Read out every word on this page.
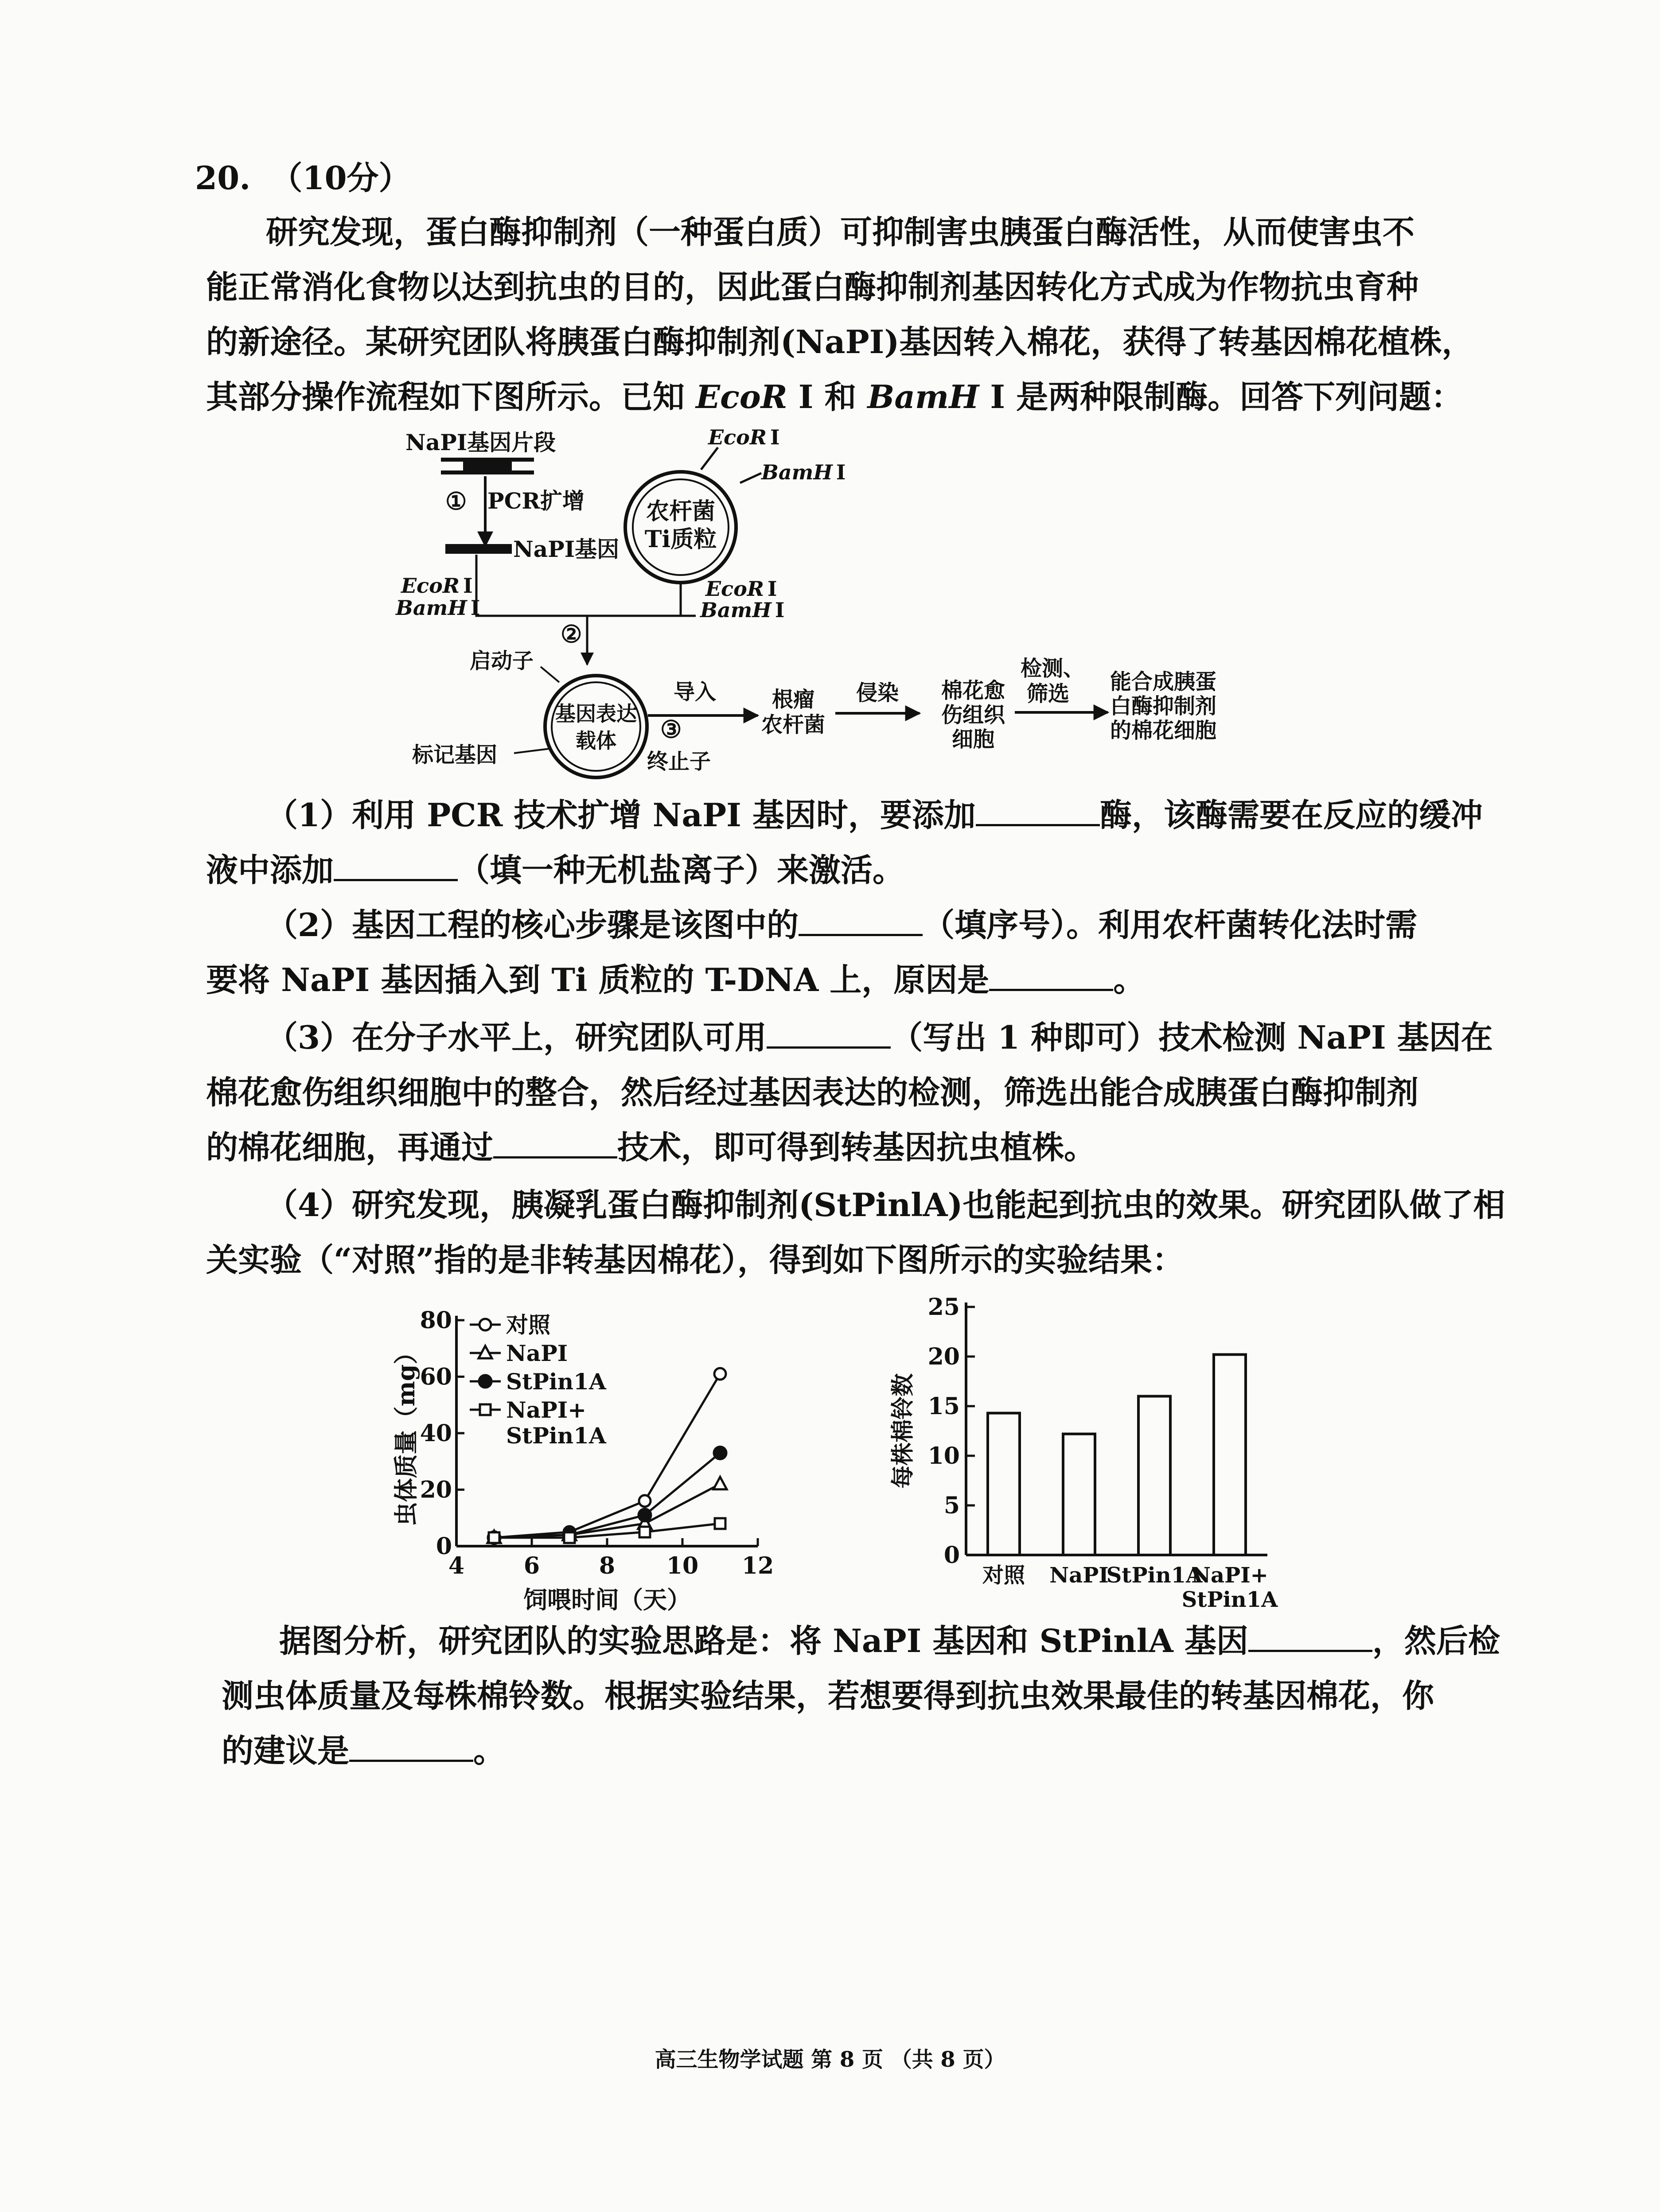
20. （10分）
研究发现，蛋白酶抑制剂（一种蛋白质）可抑制害虫胰蛋白酶活性，从而使害虫不
能正常消化食物以达到抗虫的目的，因此蛋白酶抑制剂基因转化方式成为作物抗虫育种
的新途径。某研究团队将胰蛋白酶抑制剂(NaPI)基因转入棉花，获得了转基因棉花植株，
其部分操作流程如下图所示。已知 EcoR Ⅰ 和 BamH Ⅰ 是两种限制酶。回答下列问题：
NaPI基因片段
① PCR扩增
NaPI基因
EcoR Ⅰ
BamH Ⅰ
EcoR Ⅰ
BamH Ⅰ
农杆菌
Ti质粒
EcoR Ⅰ
BamH Ⅰ
②
启动子
基因表达
载体
标记基因
导入
③
终止子
根瘤
农杆菌
侵染 棉花愈
伤组织
细胞
检测、
筛选 能合成胰蛋
白酶抑制剂
的棉花细胞
（1）利用 PCR 技术扩增 NaPI 基因时，要添加	酶，该酶需要在反应的缓冲
液中添加	（填一种无机盐离子）来激活。
（2）基因工程的核心步骤是该图中的	（填序号）。利用农杆菌转化法时需
要将 NaPI 基因插入到 Ti 质粒的 T-DNA 上，原因是	。
（3）在分子水平上，研究团队可用	（写出 1 种即可）技术检测 NaPI 基因在
棉花愈伤组织细胞中的整合，然后经过基因表达的检测，筛选出能合成胰蛋白酶抑制剂
的棉花细胞，再通过	技术，即可得到转基因抗虫植株。
（4）研究发现，胰凝乳蛋白酶抑制剂(StPinlA)也能起到抗虫的效果。研究团队做了相
关实验（“对照”指的是非转基因棉花），得到如下图所示的实验结果：
0
20
40
60
80
4	6	8 10 12
饲喂时间（天）
虫体质量（mg）
对照
NaPI
StPin1A
NaPI+
StPin1A
0
5
10
15
20
25
每株棉铃数
对照 NaPI
StPin1A
NaPI+
StPin1A
据图分析，研究团队的实验思路是：将 NaPI 基因和 StPinlA 基因	，然后检
测虫体质量及每株棉铃数。根据实验结果，若想要得到抗虫效果最佳的转基因棉花，你
的建议是	。
高三生物学试题 第 8 页 （共 8 页）
